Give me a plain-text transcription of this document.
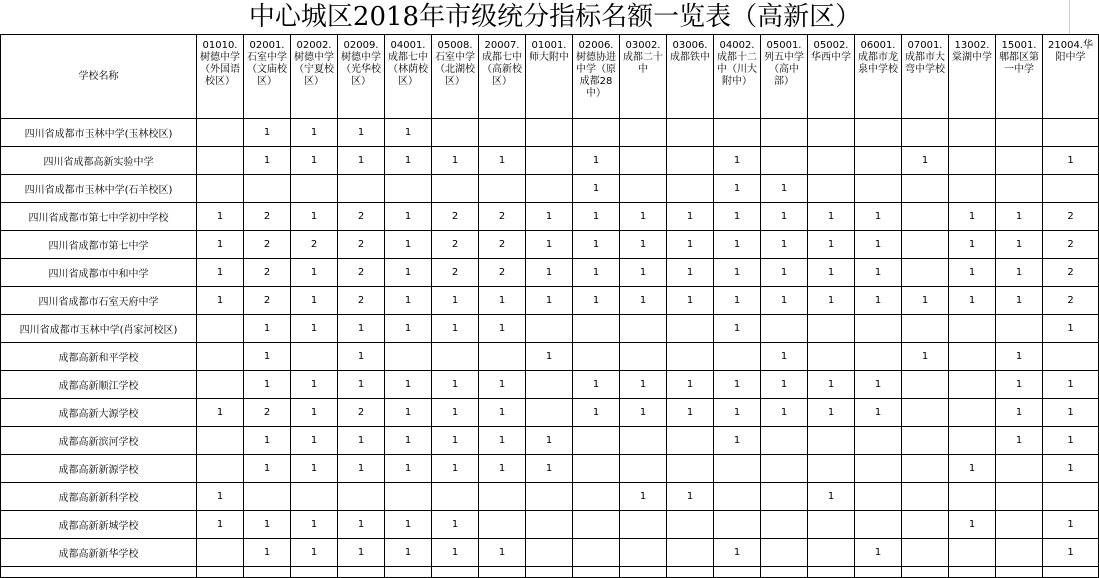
中心城区2018年市级统分指标名额一览表（高新区）
学校名称	01010.树德中学（外国语校区）	02001.石室中学（文庙校区）	02002.树德中学（宁夏校区）	02009.树德中学（光华校区）	04001.成都七中（林荫校区）	05008.石室中学（北湖校区）	20007.成都七中（高新校区）	01001.师大附中	02006.树德协进中学（原成都28中）	03002.成都二十中	03006.成都铁中	04002.成都十二中（川大附中）	05001.列五中学（高中部）	05002.华西中学	06001.成都市龙泉中学校	07001.成都市大弯中学校	13002.棠湖中学	15001.郫都区第一中学	21004.华阳中学

四川省成都市玉林中学(玉林校区)		1	1	1	1														
四川省成都高新实验中学		1	1	1	1	1	1		1			1				1			1
四川省成都市玉林中学(石羊校区)									1			1	1						
四川省成都市第七中学初中学校	1	2	1	2	1	2	2	1	1	1	1	1	1	1	1		1	1	2
四川省成都市第七中学	1	2	2	2	1	2	2	1	1	1	1	1	1	1	1		1	1	2
四川省成都市中和中学	1	2	1	2	1	2	2	1	1	1	1	1	1	1	1		1	1	2
四川省成都市石室天府中学	1	2	1	2	1	1	1	1	1	1	1	1	1	1	1	1	1	1	2
四川省成都市玉林中学(肖家河校区)		1	1	1	1	1	1					1							1
成都高新和平学校		1		1				1					1			1		1	
成都高新顺江学校		1	1	1	1	1	1		1	1	1	1	1	1	1			1	1
成都高新大源学校	1	2	1	2	1	1	1		1	1	1	1	1	1	1			1	1
成都高新滨河学校		1	1	1	1	1	1	1				1						1	1
成都高新新源学校		1	1	1	1	1	1	1									1		1
成都高新新科学校	1									1	1			1					
成都高新新城学校	1	1	1	1	1	1											1		1
成都高新新华学校		1	1	1	1	1	1					1			1				1
